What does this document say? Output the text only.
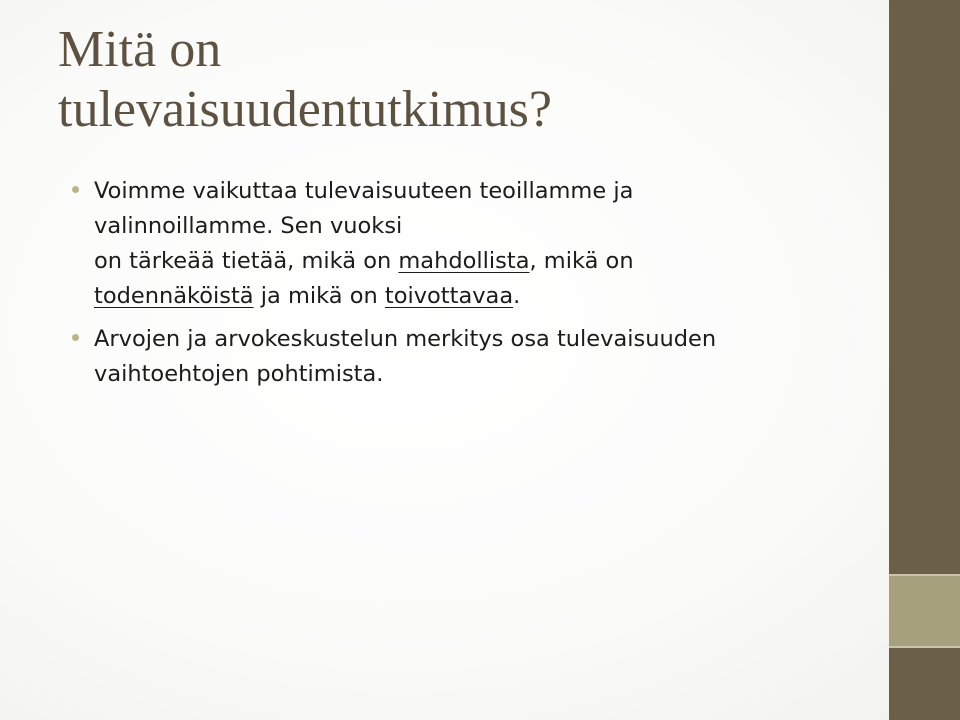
Mitä on
tulevaisuudentutkimus?
Voimme vaikuttaa tulevaisuuteen teoillamme ja
valinnoillamme. Sen vuoksi
on tärkeää tietää, mikä on mahdollista, mikä on
todennäköistä ja mikä on toivottavaa.
Arvojen ja arvokeskustelun merkitys osa tulevaisuuden
vaihtoehtojen pohtimista.
